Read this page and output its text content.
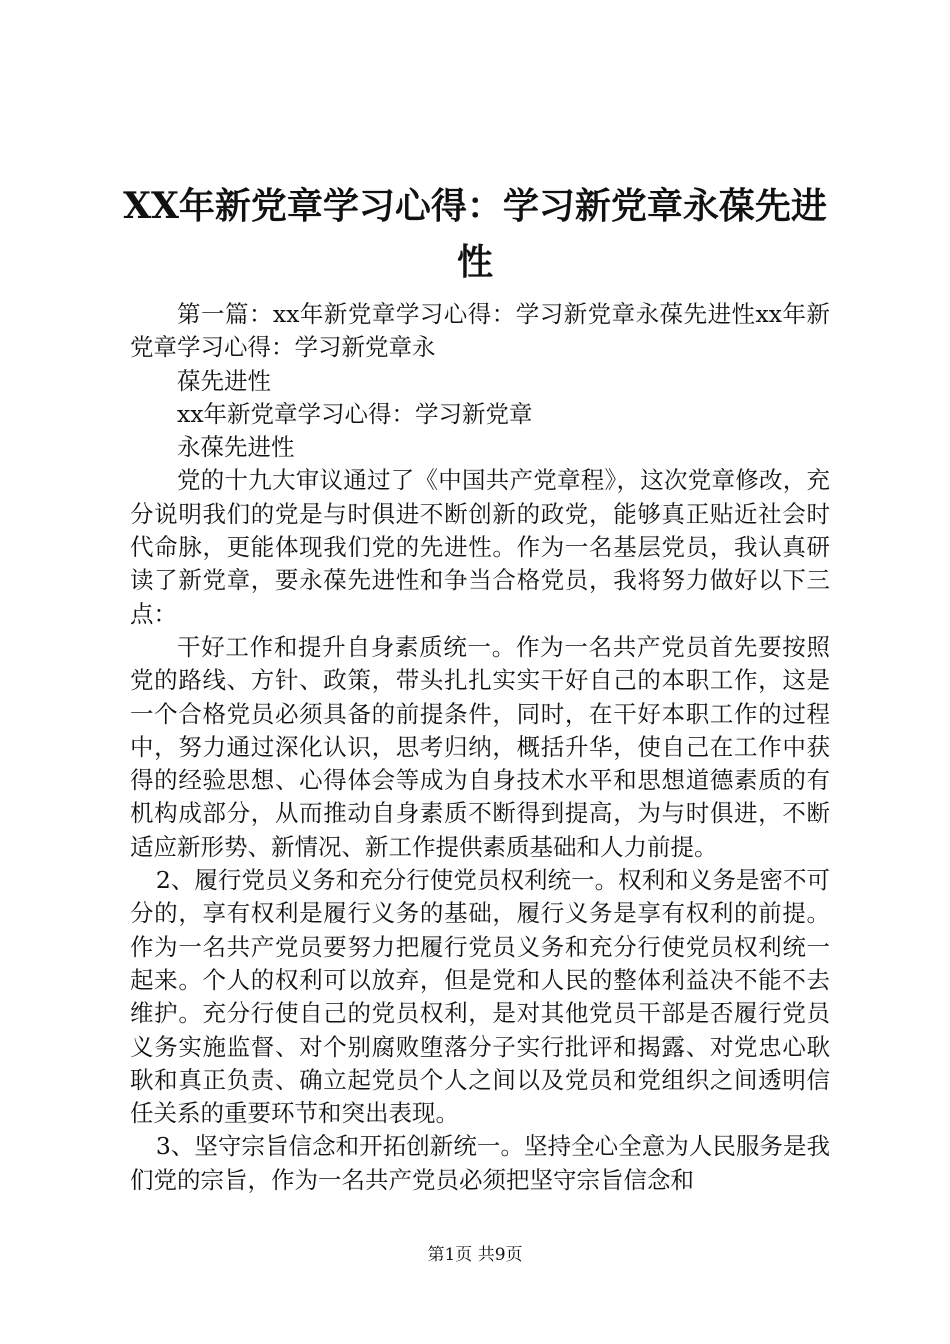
XX年新党章学习心得：学习新党章永葆先进性

第一篇：xx年新党章学习心得：学习新党章永葆先进性xx年新党章学习心得：学习新党章永

葆先进性

xx年新党章学习心得：学习新党章

永葆先进性

党的十九大审议通过了《中国共产党章程》，这次党章修改，充分说明我们的党是与时俱进不断创新的政党，能够真正贴近社会时代命脉，更能体现我们党的先进性。作为一名基层党员，我认真研读了新党章，要永葆先进性和争当合格党员，我将努力做好以下三点：

干好工作和提升自身素质统一。作为一名共产党员首先要按照党的路线、方针、政策，带头扎扎实实干好自己的本职工作，这是一个合格党员必须具备的前提条件，同时，在干好本职工作的过程中，努力通过深化认识，思考归纳，概括升华，使自己在工作中获得的经验思想、心得体会等成为自身技术水平和思想道德素质的有机构成部分，从而推动自身素质不断得到提高，为与时俱进，不断适应新形势、新情况、新工作提供素质基础和人力前提。

2、履行党员义务和充分行使党员权利统一。权利和义务是密不可分的，享有权利是履行义务的基础，履行义务是享有权利的前提。作为一名共产党员要努力把履行党员义务和充分行使党员权利统一起来。个人的权利可以放弃，但是党和人民的整体利益决不能不去维护。充分行使自己的党员权利，是对其他党员干部是否履行党员义务实施监督、对个别腐败堕落分子实行批评和揭露、对党忠心耿耿和真正负责、确立起党员个人之间以及党员和党组织之间透明信任关系的重要环节和突出表现。

3、坚守宗旨信念和开拓创新统一。坚持全心全意为人民服务是我们党的宗旨，作为一名共产党员必须把坚守宗旨信念和

第1页 共9页
